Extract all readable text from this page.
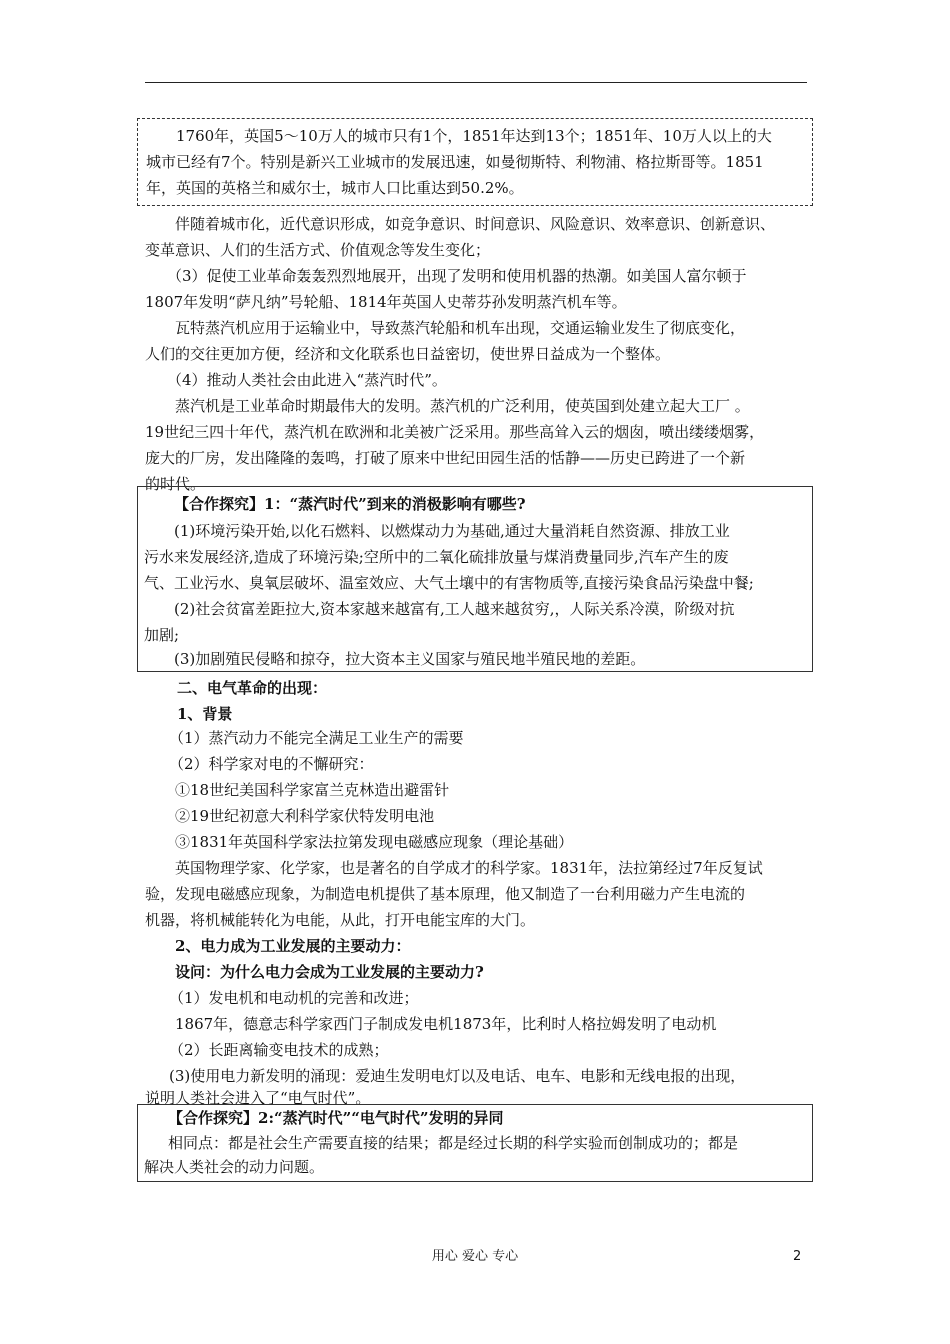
1760年，英国5～10万人的城市只有1个，1851年达到13个；1851年、10万人以上的大
城市已经有7个。特别是新兴工业城市的发展迅速，如曼彻斯特、利物浦、格拉斯哥等。1851
年，英国的英格兰和威尔士，城市人口比重达到50.2%。
伴随着城市化，近代意识形成，如竞争意识、时间意识、风险意识、效率意识、创新意识、
变革意识、人们的生活方式、价值观念等发生变化；
（3）促使工业革命轰轰烈烈地展开，出现了发明和使用机器的热潮。如美国人富尔顿于
1807年发明“萨凡纳”号轮船、1814年英国人史蒂芬孙发明蒸汽机车等。
瓦特蒸汽机应用于运输业中，导致蒸汽轮船和机车出现，交通运输业发生了彻底变化，
人们的交往更加方便，经济和文化联系也日益密切，使世界日益成为一个整体。
（4）推动人类社会由此进入“蒸汽时代”。
蒸汽机是工业革命时期最伟大的发明。蒸汽机的广泛利用，使英国到处建立起大工厂 。
19世纪三四十年代，蒸汽机在欧洲和北美被广泛采用。那些高耸入云的烟囱，喷出缕缕烟雾，
庞大的厂房，发出隆隆的轰鸣，打破了原来中世纪田园生活的恬静——历史已跨进了一个新
的时代。
【合作探究】1：“蒸汽时代”到来的消极影响有哪些?
(1)环境污染开始,以化石燃料、以燃煤动力为基础,通过大量消耗自然资源、排放工业
污水来发展经济,造成了环境污染;空所中的二氧化硫排放量与煤消费量同步,汽车产生的废
气、工业污水、臭氧层破坏、温室效应、大气土壤中的有害物质等,直接污染食品污染盘中餐;
(2)社会贫富差距拉大,资本家越来越富有,工人越来越贫穷,，人际关系冷漠，阶级对抗
加剧;
(3)加剧殖民侵略和掠夺，拉大资本主义国家与殖民地半殖民地的差距。
二、电气革命的出现：
1、背景
（1）蒸汽动力不能完全满足工业生产的需要
（2）科学家对电的不懈研究：
①18世纪美国科学家富兰克林造出避雷针
②19世纪初意大利科学家伏特发明电池
③1831年英国科学家法拉第发现电磁感应现象（理论基础）
英国物理学家、化学家，也是著名的自学成才的科学家。1831年，法拉第经过7年反复试
验，发现电磁感应现象，为制造电机提供了基本原理，他又制造了一台利用磁力产生电流的
机器，将机械能转化为电能，从此，打开电能宝库的大门。
2、电力成为工业发展的主要动力：
设问：为什么电力会成为工业发展的主要动力?
（1）发电机和电动机的完善和改进；
1867年，德意志科学家西门子制成发电机1873年，比利时人格拉姆发明了电动机
（2）长距离输变电技术的成熟；
(3)使用电力新发明的涌现：爱迪生发明电灯以及电话、电车、电影和无线电报的出现，
说明人类社会进入了“电气时代”。
【合作探究】2:“蒸汽时代”“电气时代”发明的异同
相同点：都是社会生产需要直接的结果；都是经过长期的科学实验而创制成功的；都是
解决人类社会的动力问题。
用心 爱心 专心	2
